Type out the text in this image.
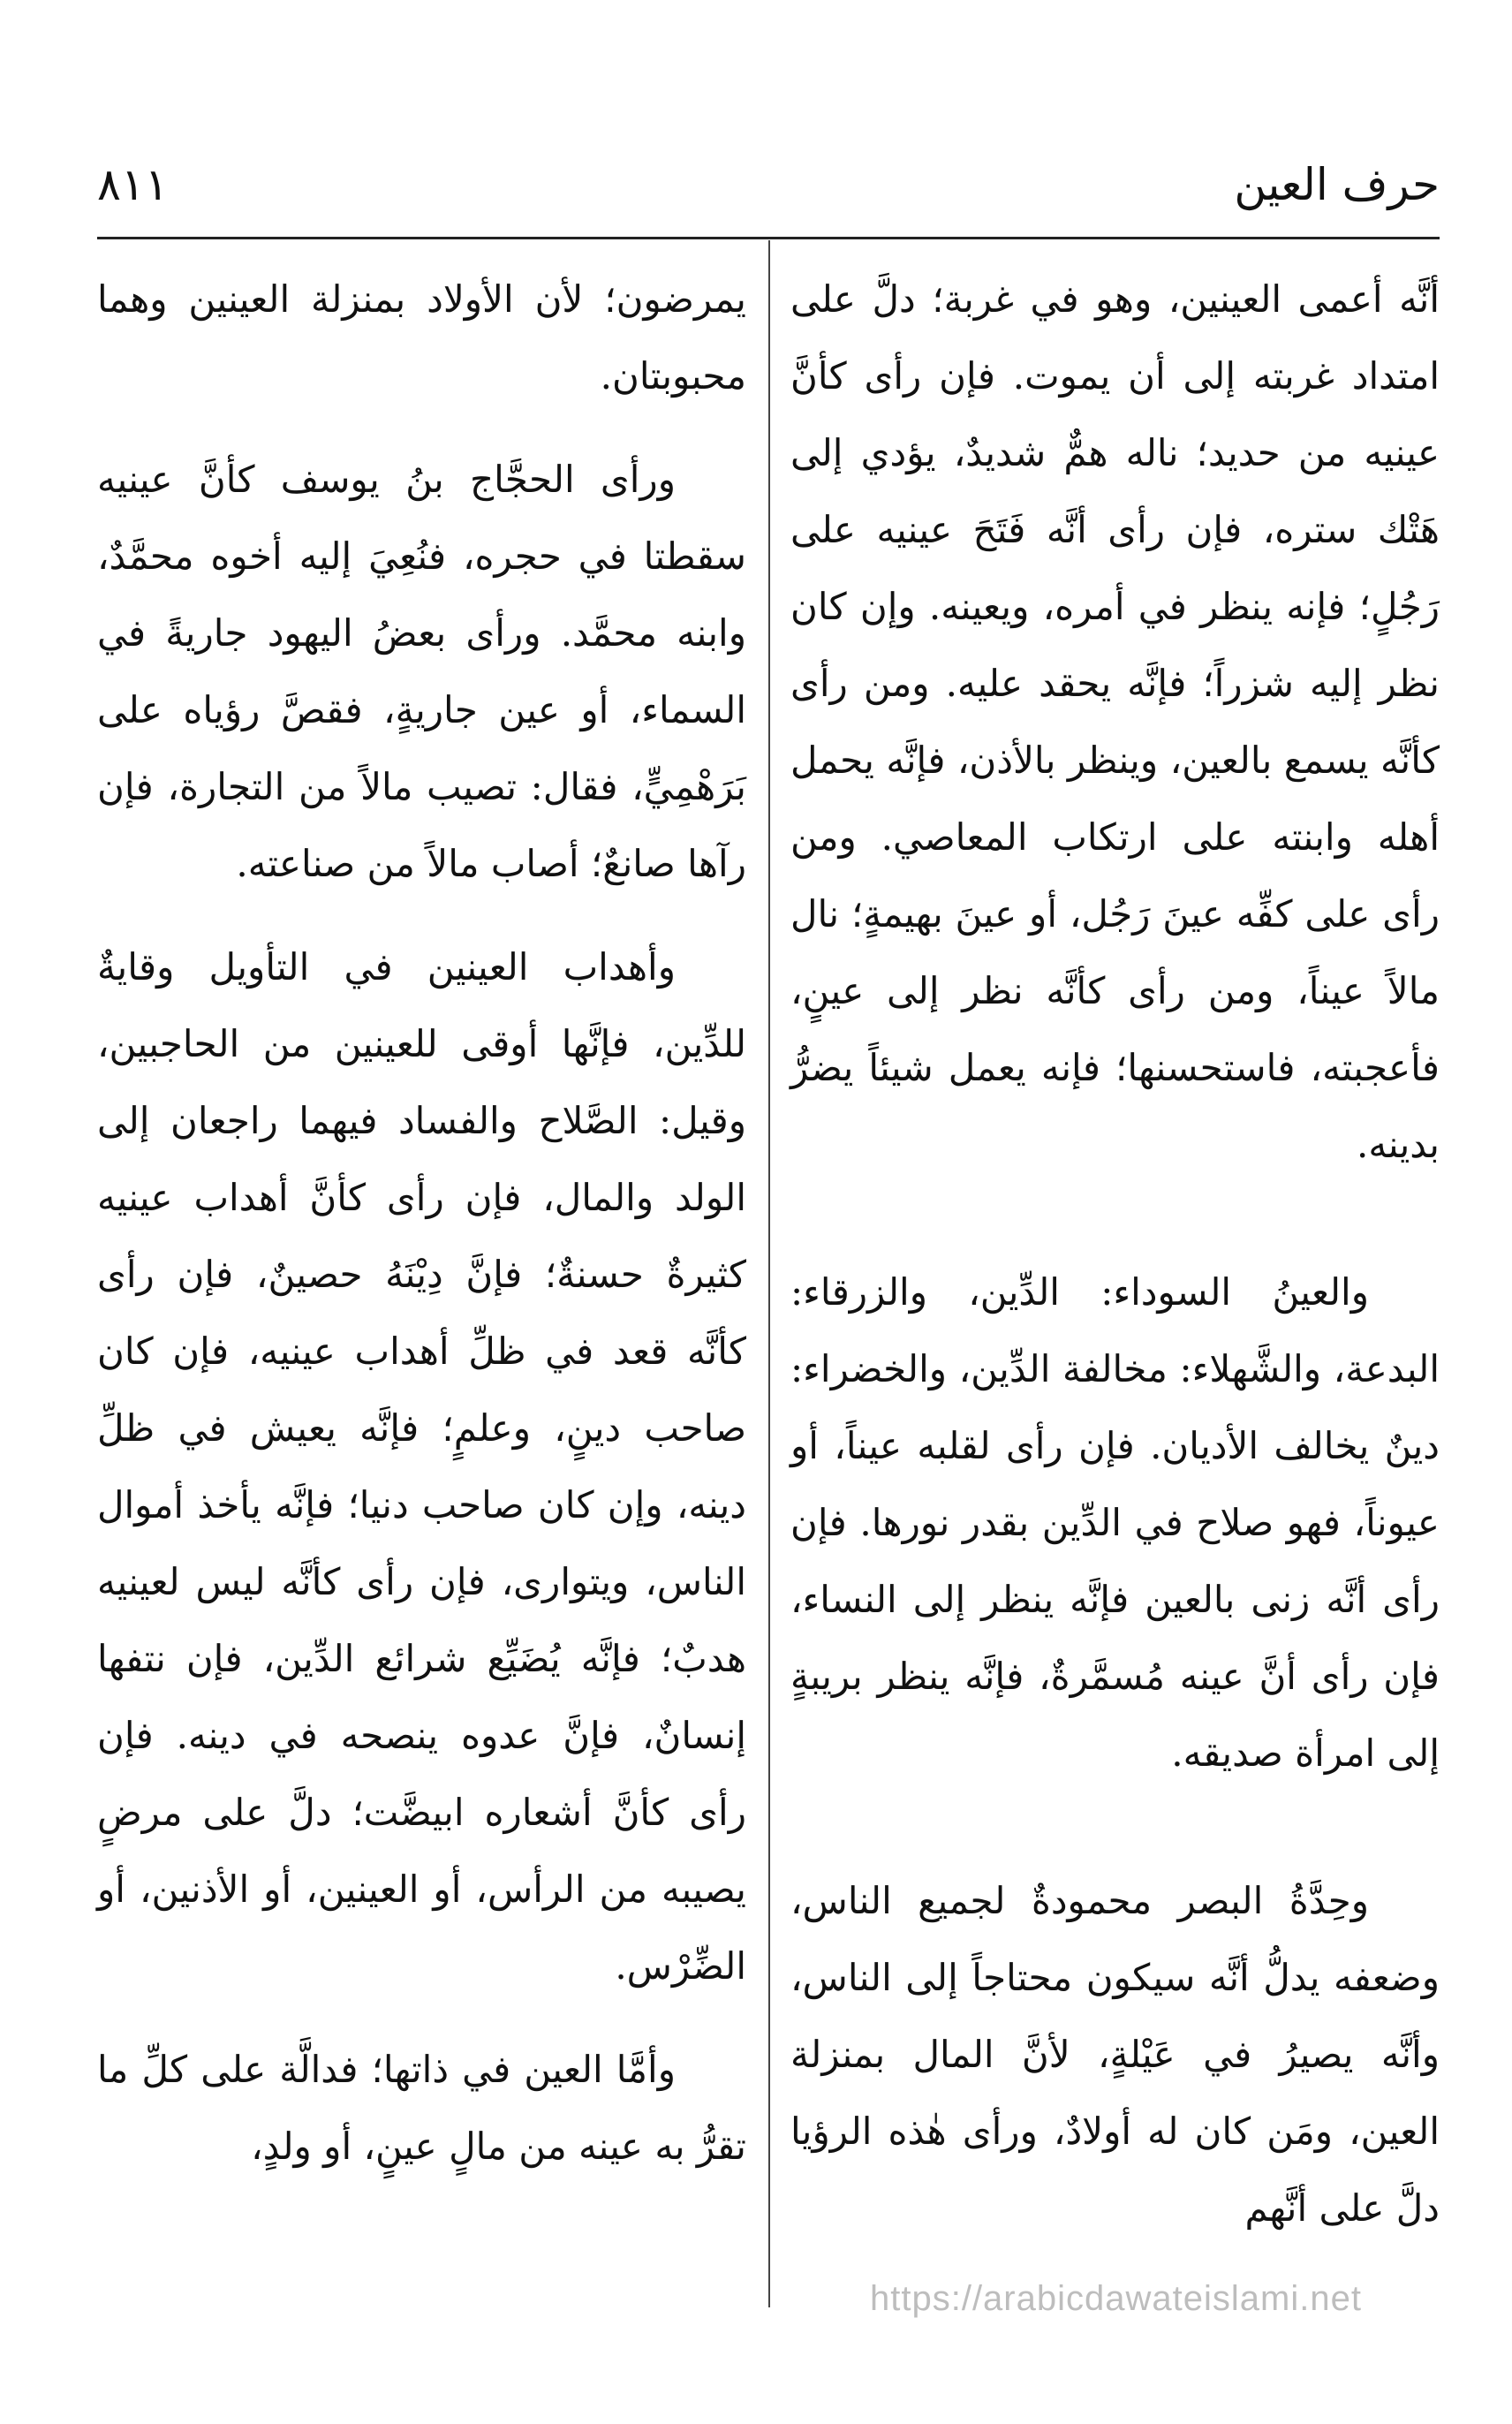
حرف العين
٨١١

أنَّه أعمى العينين، وهو في غربة؛ دلَّ على امتداد غربته إلى أن يموت. فإن رأى كأنَّ عينيه من حديد؛ ناله همٌّ شديدٌ، يؤدي إلى هَتْك ستره، فإن رأى أنَّه فَتَحَ عينيه على رَجُلٍ؛ فإنه ينظر في أمره، ويعينه. وإن كان نظر إليه شزراً؛ فإنَّه يحقد عليه. ومن رأى كأنَّه يسمع بالعين، وينظر بالأذن، فإنَّه يحمل أهله وابنته على ارتكاب المعاصي. ومن رأى على كفِّه عينَ رَجُل، أو عينَ بهيمةٍ؛ نال مالاً عيناً، ومن رأى كأنَّه نظر إلى عينٍ، فأعجبته، فاستحسنها؛ فإنه يعمل شيئاً يضرُّ بدينه.

والعينُ السوداء: الدِّين، والزرقاء: البدعة، والشَّهلاء: مخالفة الدِّين، والخضراء: دينٌ يخالف الأديان. فإن رأى لقلبه عيناً، أو عيوناً، فهو صلاح في الدِّين بقدر نورها. فإن رأى أنَّه زنى بالعين فإنَّه ينظر إلى النساء، فإن رأى أنَّ عينه مُسمَّرةٌ، فإنَّه ينظر بريبةٍ إلى امرأة صديقه.

وحِدَّةُ البصر محمودةٌ لجميع الناس، وضعفه يدلُّ أنَّه سيكون محتاجاً إلى الناس، وأنَّه يصيرُ في عَيْلةٍ، لأنَّ المال بمنزلة العين، ومَن كان له أولادٌ، ورأى هٰذه الرؤيا دلَّ على أنَّهم

يمرضون؛ لأن الأولاد بمنزلة العينين وهما محبوبتان.

ورأى الحجَّاج بنُ يوسف كأنَّ عينيه سقطتا في حجره، فنُعِيَ إليه أخوه محمَّدٌ، وابنه محمَّد. ورأى بعضُ اليهود جاريةً في السماء، أو عين جاريةٍ، فقصَّ رؤياه على بَرَهْمِيٍّ، فقال: تصيب مالاً من التجارة، فإن رآها صانعٌ؛ أصاب مالاً من صناعته.

وأهداب العينين في التأويل وقايةٌ للدِّين، فإنَّها أوقى للعينين من الحاجبين، وقيل: الصَّلاح والفساد فيهما راجعان إلى الولد والمال، فإن رأى كأنَّ أهداب عينيه كثيرةٌ حسنةٌ؛ فإنَّ دِيْنَهُ حصينٌ، فإن رأى كأنَّه قعد في ظلِّ أهداب عينيه، فإن كان صاحب دينٍ، وعلمٍ؛ فإنَّه يعيش في ظلِّ دينه، وإن كان صاحب دنيا؛ فإنَّه يأخذ أموال الناس، ويتوارى، فإن رأى كأنَّه ليس لعينيه هدبٌ؛ فإنَّه يُضَيِّع شرائع الدِّين، فإن نتفها إنسانٌ، فإنَّ عدوه ينصحه في دينه. فإن رأى كأنَّ أشعاره ابيضَّت؛ دلَّ على مرضٍ يصيبه من الرأس، أو العينين، أو الأذنين، أو الضِّرْس.

وأمَّا العين في ذاتها؛ فدالَّة على كلِّ ما تقرُّ به عينه من مالٍ عينٍ، أو ولدٍ،

https://arabicdawateislami.net
